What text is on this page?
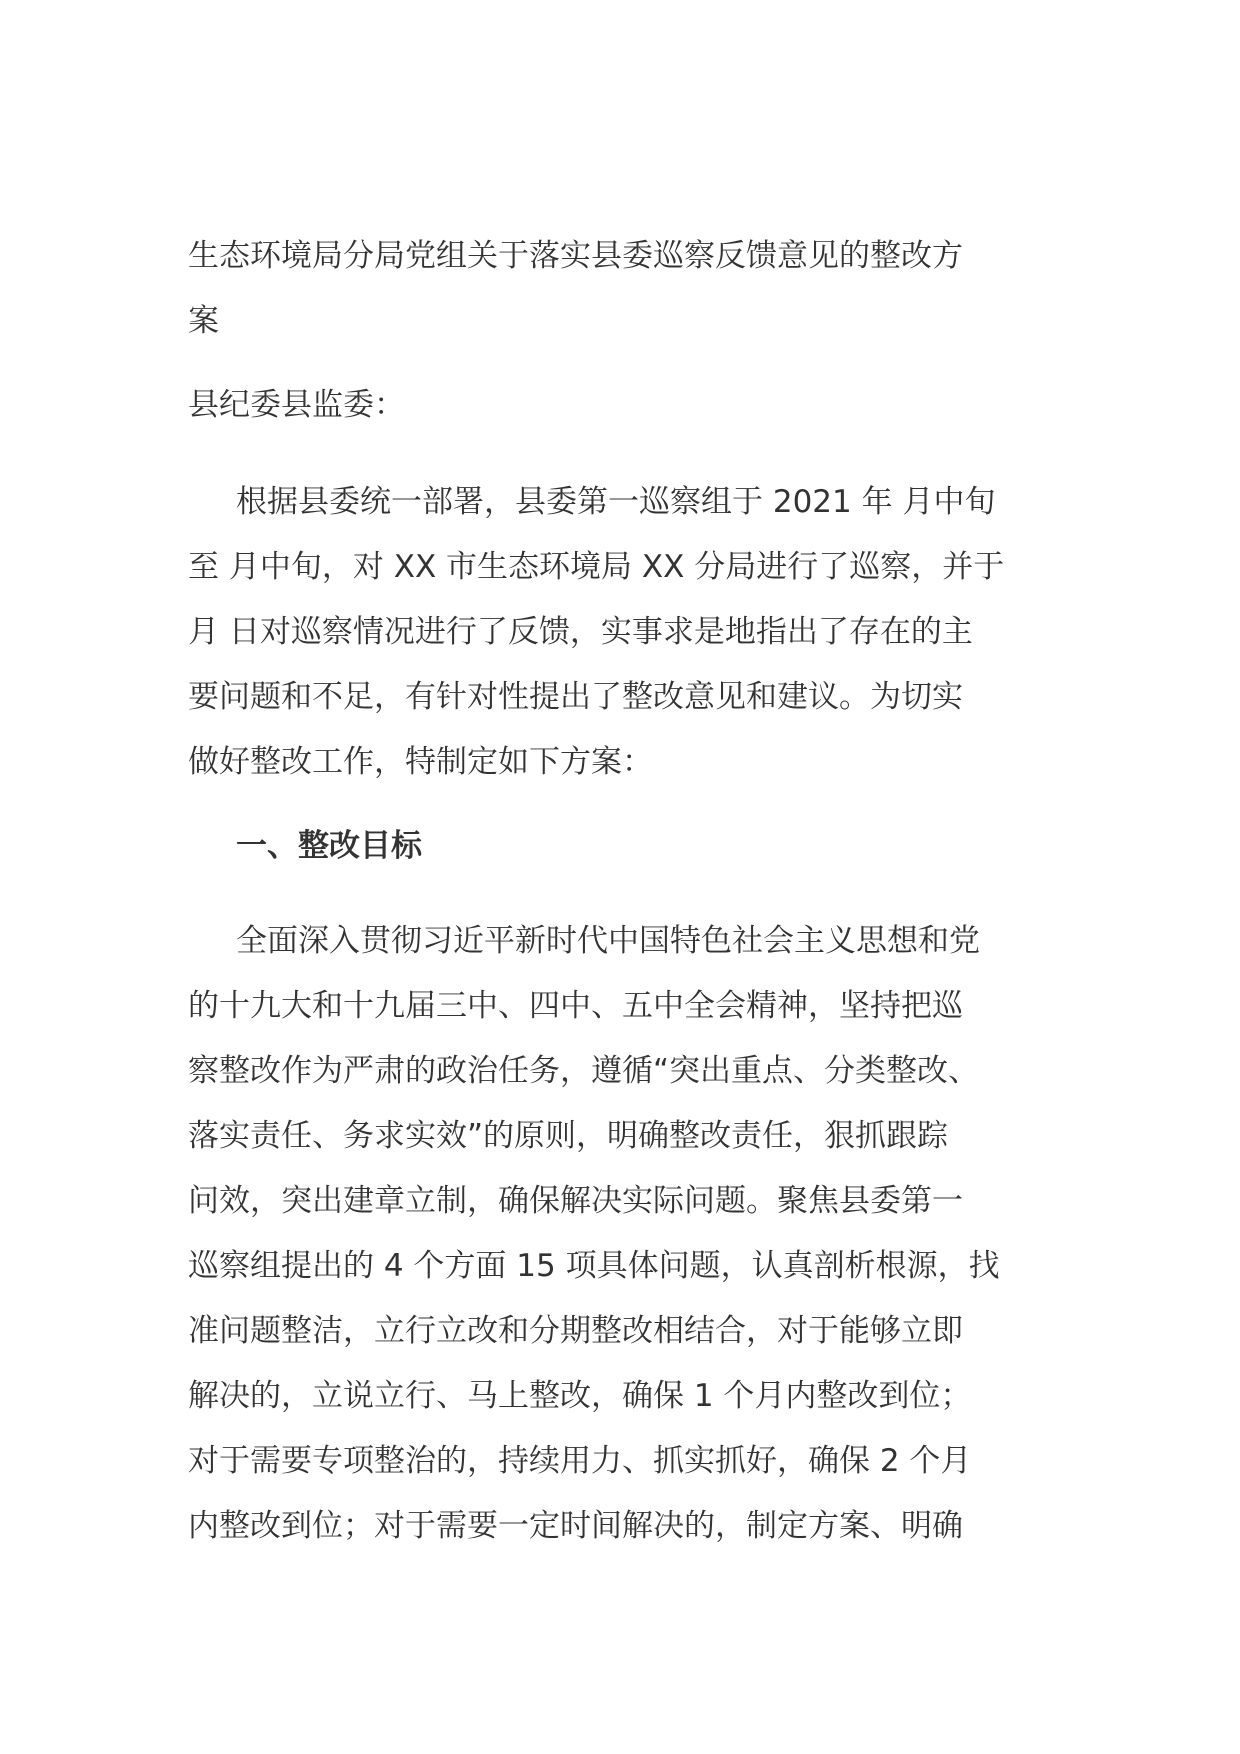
生态环境局分局党组关于落实县委巡察反馈意见的整改方
案
县纪委县监委：
根据县委统一部署，县委第一巡察组于 2021 年 月中旬
至 月中旬，对 XX 市生态环境局 XX 分局进行了巡察，并于
月 日对巡察情况进行了反馈，实事求是地指出了存在的主
要问题和不足，有针对性提出了整改意见和建议。为切实
做好整改工作，特制定如下方案：
一、整改目标
全面深入贯彻习近平新时代中国特色社会主义思想和党
的十九大和十九届三中、四中、五中全会精神，坚持把巡
察整改作为严肃的政治任务，遵循“突出重点、分类整改、
落实责任、务求实效”的原则，明确整改责任，狠抓跟踪
问效，突出建章立制，确保解决实际问题。聚焦县委第一
巡察组提出的 4 个方面 15 项具体问题，认真剖析根源，找
准问题整洁，立行立改和分期整改相结合，对于能够立即
解决的，立说立行、马上整改，确保 1 个月内整改到位；
对于需要专项整治的，持续用力、抓实抓好，确保 2 个月
内整改到位；对于需要一定时间解决的，制定方案、明确
